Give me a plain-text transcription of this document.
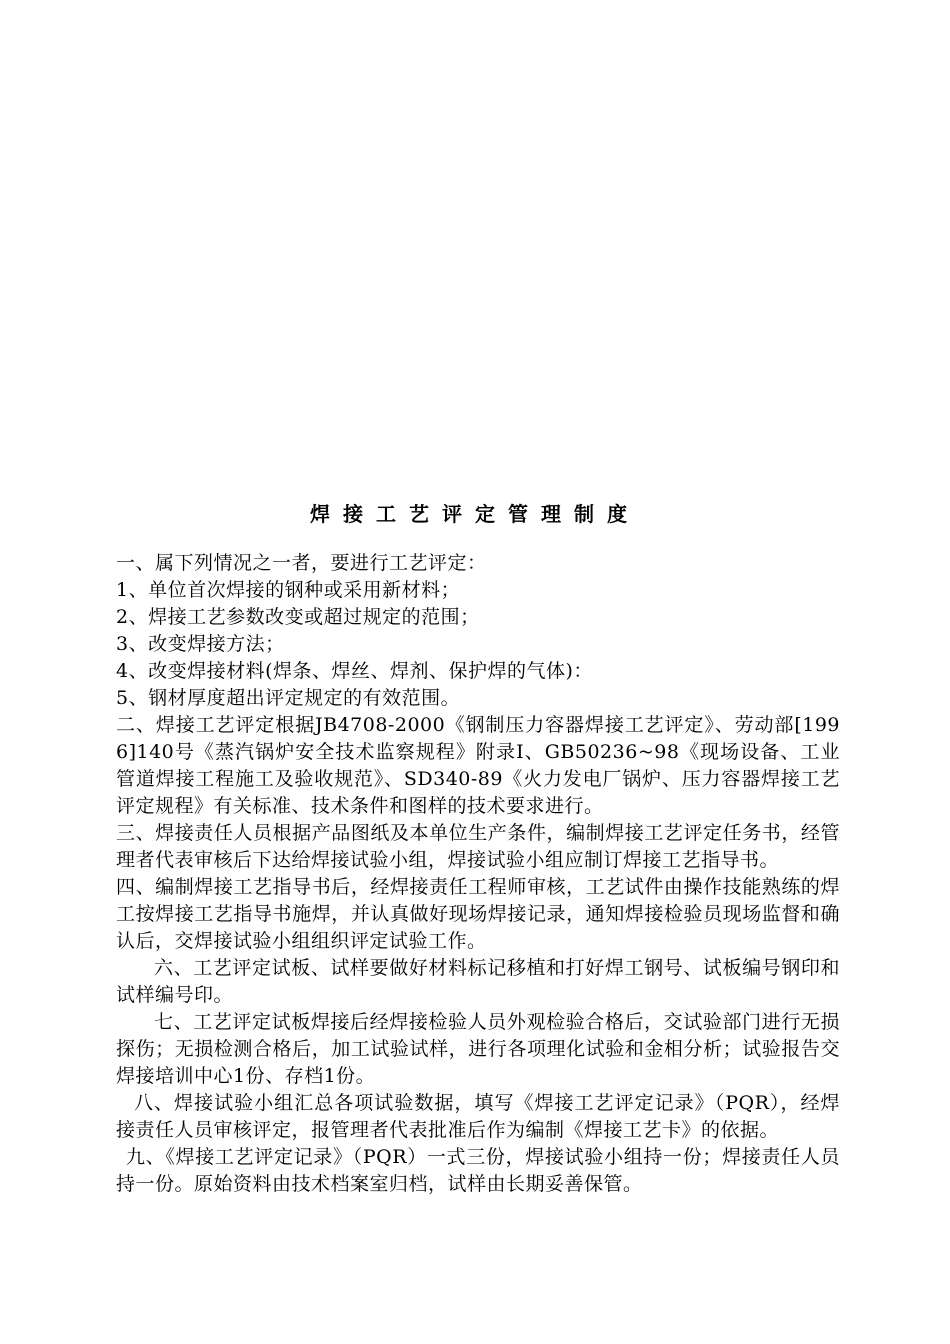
焊接工艺评定管理制度

一、属下列情况之一者，要进行工艺评定：

1、单位首次焊接的钢种或采用新材料；

2、焊接工艺参数改变或超过规定的范围；

3、改变焊接方法；

4、改变焊接材料(焊条、焊丝、焊剂、保护焊的气体)：

5、钢材厚度超出评定规定的有效范围。

二、焊接工艺评定根据JB4708-2000《钢制压力容器焊接工艺评定》、劳动部[1996]140号《蒸汽锅炉安全技术监察规程》附录I、GB50236~98《现场设备、工业管道焊接工程施工及验收规范》、SD340-89《火力发电厂锅炉、压力容器焊接工艺评定规程》有关标准、技术条件和图样的技术要求进行。

三、焊接责任人员根据产品图纸及本单位生产条件，编制焊接工艺评定任务书，经管理者代表审核后下达给焊接试验小组，焊接试验小组应制订焊接工艺指导书。

四、编制焊接工艺指导书后，经焊接责任工程师审核，工艺试件由操作技能熟练的焊工按焊接工艺指导书施焊，并认真做好现场焊接记录，通知焊接检验员现场监督和确认后，交焊接试验小组组织评定试验工作。

六、工艺评定试板、试样要做好材料标记移植和打好焊工钢号、试板编号钢印和试样编号印。

七、工艺评定试板焊接后经焊接检验人员外观检验合格后，交试验部门进行无损探伤；无损检测合格后，加工试验试样，进行各项理化试验和金相分析；试验报告交焊接培训中心1份、存档1份。

八、焊接试验小组汇总各项试验数据，填写《焊接工艺评定记录》（PQR），经焊接责任人员审核评定，报管理者代表批准后作为编制《焊接工艺卡》的依据。

九、《焊接工艺评定记录》（PQR）一式三份，焊接试验小组持一份；焊接责任人员持一份。原始资料由技术档案室归档，试样由长期妥善保管。
